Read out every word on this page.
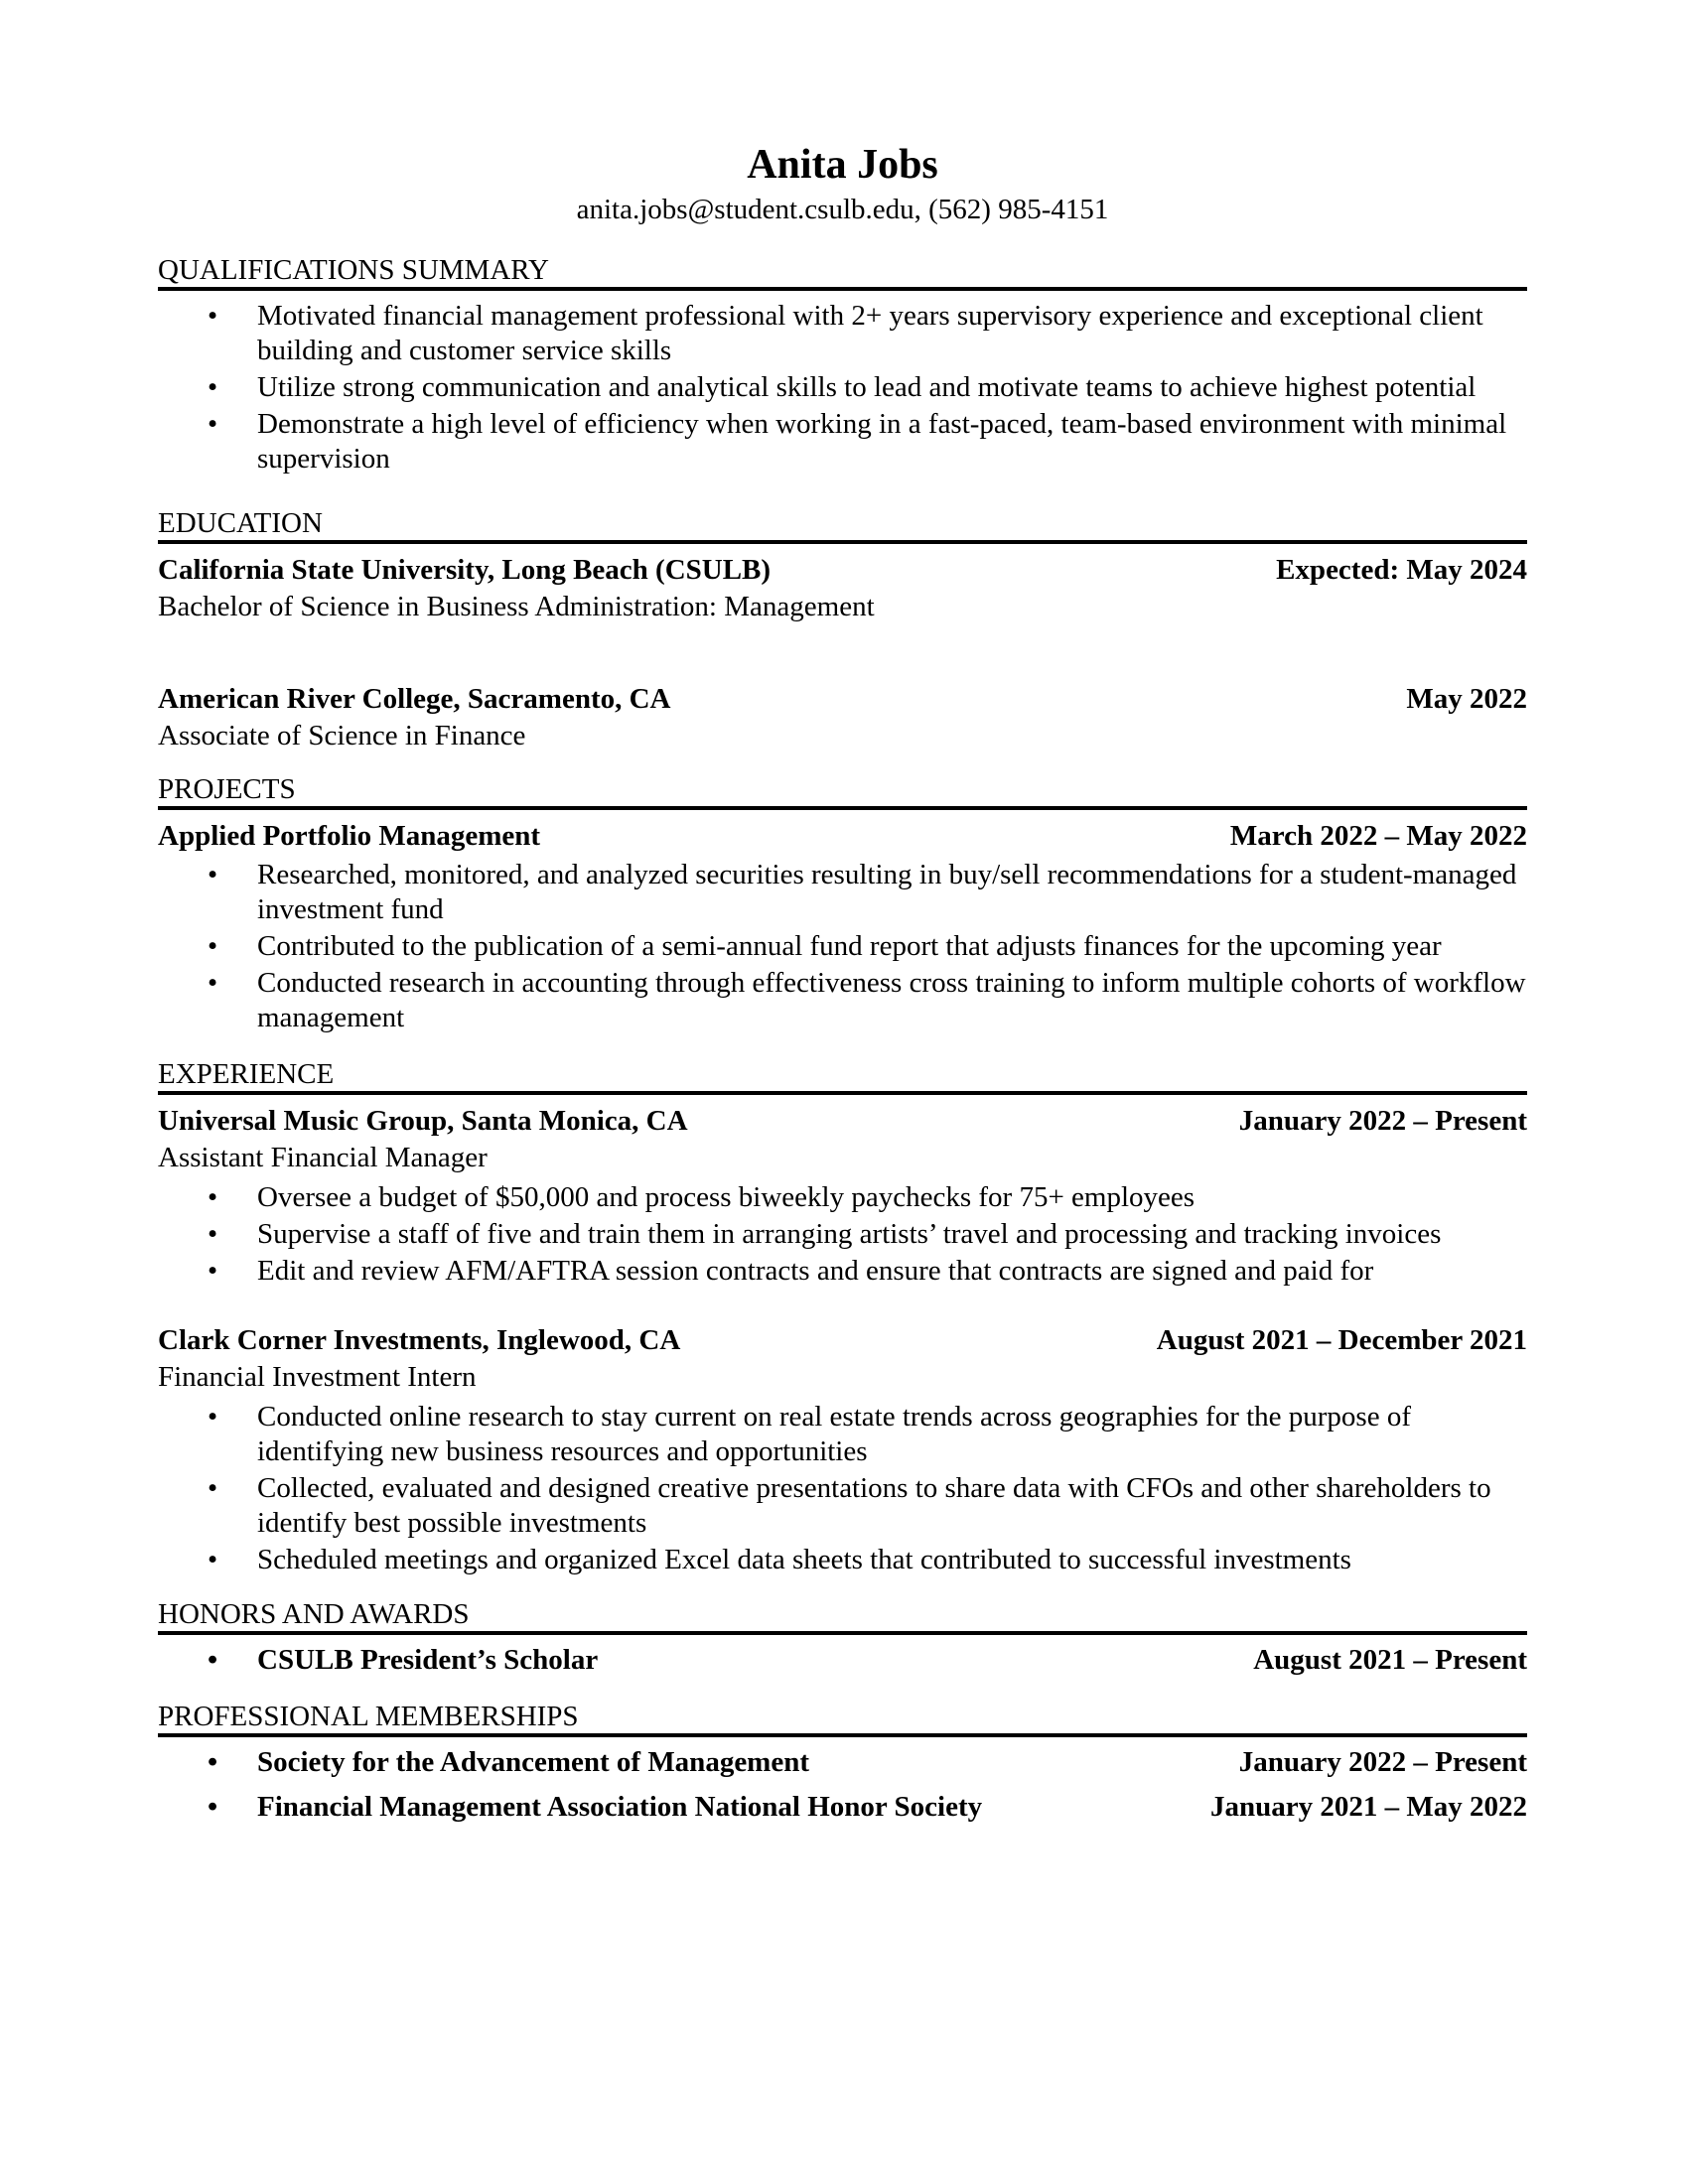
Anita Jobs
anita.jobs@student.csulb.edu, (562) 985-4151
QUALIFICATIONS SUMMARY
• Motivated financial management professional with 2+ years supervisory experience and exceptional client building and customer service skills
• Utilize strong communication and analytical skills to lead and motivate teams to achieve highest potential
• Demonstrate a high level of efficiency when working in a fast-paced, team-based environment with minimal supervision
EDUCATION
California State University, Long Beach (CSULB)	Expected: May 2024
Bachelor of Science in Business Administration: Management
American River College, Sacramento, CA	May 2022
Associate of Science in Finance
PROJECTS
Applied Portfolio Management	March 2022 – May 2022
• Researched, monitored, and analyzed securities resulting in buy/sell recommendations for a student-managed investment fund
• Contributed to the publication of a semi-annual fund report that adjusts finances for the upcoming year
• Conducted research in accounting through effectiveness cross training to inform multiple cohorts of workflow management
EXPERIENCE
Universal Music Group, Santa Monica, CA	January 2022 – Present
Assistant Financial Manager
• Oversee a budget of $50,000 and process biweekly paychecks for 75+ employees
• Supervise a staff of five and train them in arranging artists’ travel and processing and tracking invoices
• Edit and review AFM/AFTRA session contracts and ensure that contracts are signed and paid for
Clark Corner Investments, Inglewood, CA	August 2021 – December 2021
Financial Investment Intern
• Conducted online research to stay current on real estate trends across geographies for the purpose of identifying new business resources and opportunities
• Collected, evaluated and designed creative presentations to share data with CFOs and other shareholders to identify best possible investments
• Scheduled meetings and organized Excel data sheets that contributed to successful investments
HONORS AND AWARDS
• CSULB President’s Scholar	August 2021 – Present
PROFESSIONAL MEMBERSHIPS
• Society for the Advancement of Management	January 2022 – Present
• Financial Management Association National Honor Society	January 2021 – May 2022
